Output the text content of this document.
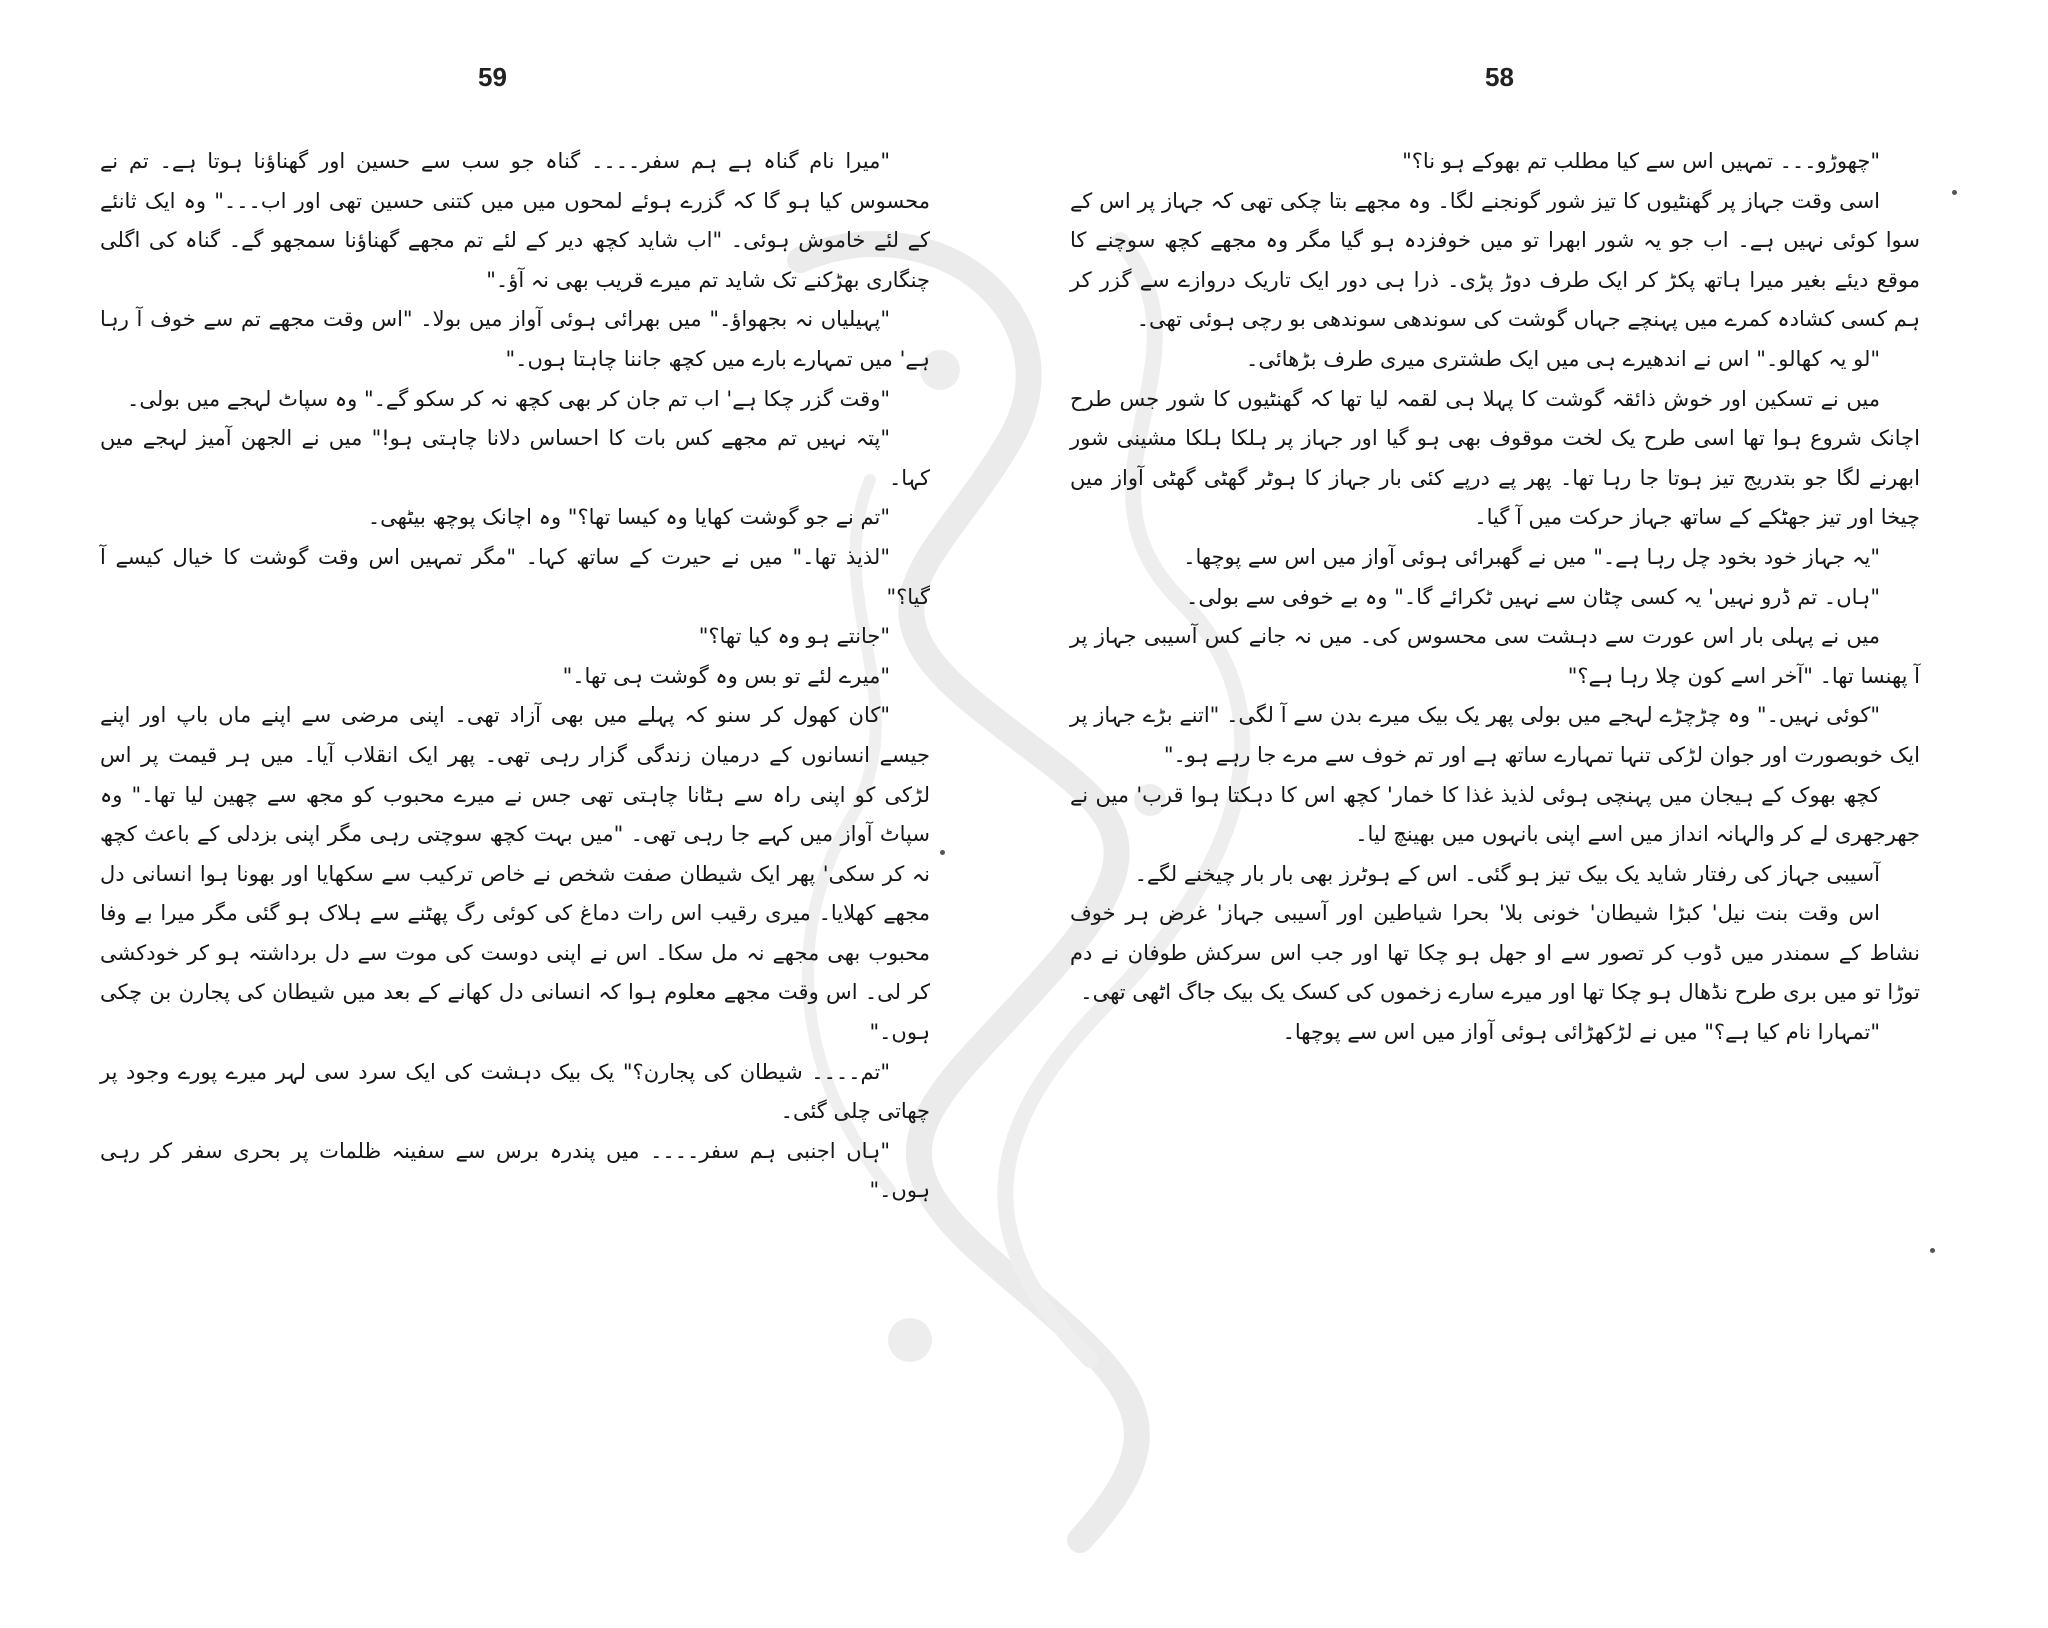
59

"میرا نام گناہ ہے ہم سفر۔۔۔۔ گناہ جو سب سے حسین اور گھناؤنا ہوتا ہے۔ تم نے محسوس کیا ہو گا کہ گزرے ہوئے لمحوں میں میں کتنی حسین تھی اور اب۔۔۔" وہ ایک ثانئے کے لئے خاموش ہوئی۔ "اب شاید کچھ دیر کے لئے تم مجھے گھناؤنا سمجھو گے۔ گناہ کی اگلی چنگاری بھڑکنے تک شاید تم میرے قریب بھی نہ آؤ۔"

"پہیلیاں نہ بجھواؤ۔" میں بھرائی ہوئی آواز میں بولا۔ "اس وقت مجھے تم سے خوف آ رہا ہے' میں تمہارے بارے میں کچھ جاننا چاہتا ہوں۔"

"وقت گزر چکا ہے' اب تم جان کر بھی کچھ نہ کر سکو گے۔" وہ سپاٹ لہجے میں بولی۔

"پتہ نہیں تم مجھے کس بات کا احساس دلانا چاہتی ہو!" میں نے الجھن آمیز لہجے میں کہا۔

"تم نے جو گوشت کھایا وہ کیسا تھا؟" وہ اچانک پوچھ بیٹھی۔

"لذیذ تھا۔" میں نے حیرت کے ساتھ کہا۔ "مگر تمہیں اس وقت گوشت کا خیال کیسے آ گیا؟"

"جانتے ہو وہ کیا تھا؟"

"میرے لئے تو بس وہ گوشت ہی تھا۔"

"کان کھول کر سنو کہ پہلے میں بھی آزاد تھی۔ اپنی مرضی سے اپنے ماں باپ اور اپنے جیسے انسانوں کے درمیان زندگی گزار رہی تھی۔ پھر ایک انقلاب آیا۔ میں ہر قیمت پر اس لڑکی کو اپنی راہ سے ہٹانا چاہتی تھی جس نے میرے محبوب کو مجھ سے چھین لیا تھا۔" وہ سپاٹ آواز میں کہے جا رہی تھی۔ "میں بہت کچھ سوچتی رہی مگر اپنی بزدلی کے باعث کچھ نہ کر سکی' پھر ایک شیطان صفت شخص نے خاص ترکیب سے سکھایا اور بھونا ہوا انسانی دل مجھے کھلایا۔ میری رقیب اس رات دماغ کی کوئی رگ پھٹنے سے ہلاک ہو گئی مگر میرا بے وفا محبوب بھی مجھے نہ مل سکا۔ اس نے اپنی دوست کی موت سے دل برداشتہ ہو کر خودکشی کر لی۔ اس وقت مجھے معلوم ہوا کہ انسانی دل کھانے کے بعد میں شیطان کی پجارن بن چکی ہوں۔"

"تم۔۔۔۔ شیطان کی پجارن؟" یک بیک دہشت کی ایک سرد سی لہر میرے پورے وجود پر چھاتی چلی گئی۔

"ہاں اجنبی ہم سفر۔۔۔۔ میں پندرہ برس سے سفینہ ظلمات پر بحری سفر کر رہی ہوں۔"

58

"چھوڑو۔۔۔ تمہیں اس سے کیا مطلب تم بھوکے ہو نا؟"

اسی وقت جہاز پر گھنٹیوں کا تیز شور گونجنے لگا۔ وہ مجھے بتا چکی تھی کہ جہاز پر اس کے سوا کوئی نہیں ہے۔ اب جو یہ شور ابھرا تو میں خوفزدہ ہو گیا مگر وہ مجھے کچھ سوچنے کا موقع دیئے بغیر میرا ہاتھ پکڑ کر ایک طرف دوڑ پڑی۔ ذرا ہی دور ایک تاریک دروازے سے گزر کر ہم کسی کشادہ کمرے میں پہنچے جہاں گوشت کی سوندھی سوندھی بو رچی ہوئی تھی۔

"لو یہ کھالو۔" اس نے اندھیرے ہی میں ایک طشتری میری طرف بڑھائی۔

میں نے تسکین اور خوش ذائقہ گوشت کا پہلا ہی لقمہ لیا تھا کہ گھنٹیوں کا شور جس طرح اچانک شروع ہوا تھا اسی طرح یک لخت موقوف بھی ہو گیا اور جہاز پر ہلکا ہلکا مشینی شور ابھرنے لگا جو بتدریج تیز ہوتا جا رہا تھا۔ پھر پے درپے کئی بار جہاز کا ہوٹر گھٹی گھٹی آواز میں چیخا اور تیز جھٹکے کے ساتھ جہاز حرکت میں آ گیا۔

"یہ جہاز خود بخود چل رہا ہے۔" میں نے گھبرائی ہوئی آواز میں اس سے پوچھا۔

"ہاں۔ تم ڈرو نہیں' یہ کسی چٹان سے نہیں ٹکرائے گا۔" وہ بے خوفی سے بولی۔

میں نے پہلی بار اس عورت سے دہشت سی محسوس کی۔ میں نہ جانے کس آسیبی جہاز پر آ پھنسا تھا۔ "آخر اسے کون چلا رہا ہے؟"

"کوئی نہیں۔" وہ چڑچڑے لہجے میں بولی پھر یک بیک میرے بدن سے آ لگی۔ "اتنے بڑے جہاز پر ایک خوبصورت اور جوان لڑکی تنہا تمہارے ساتھ ہے اور تم خوف سے مرے جا رہے ہو۔"

کچھ بھوک کے ہیجان میں پہنچی ہوئی لذیذ غذا کا خمار' کچھ اس کا دہکتا ہوا قرب' میں نے جھرجھری لے کر والہانہ انداز میں اسے اپنی بانہوں میں بھینچ لیا۔

آسیبی جہاز کی رفتار شاید یک بیک تیز ہو گئی۔ اس کے ہوٹرز بھی بار بار چیخنے لگے۔

اس وقت بنت نیل' کبڑا شیطان' خونی بلا' بحرا شیاطین اور آسیبی جہاز' غرض ہر خوف نشاط کے سمندر میں ڈوب کر تصور سے او جھل ہو چکا تھا اور جب اس سرکش طوفان نے دم توڑا تو میں بری طرح نڈھال ہو چکا تھا اور میرے سارے زخموں کی کسک یک بیک جاگ اٹھی تھی۔

"تمہارا نام کیا ہے؟" میں نے لڑکھڑائی ہوئی آواز میں اس سے پوچھا۔
